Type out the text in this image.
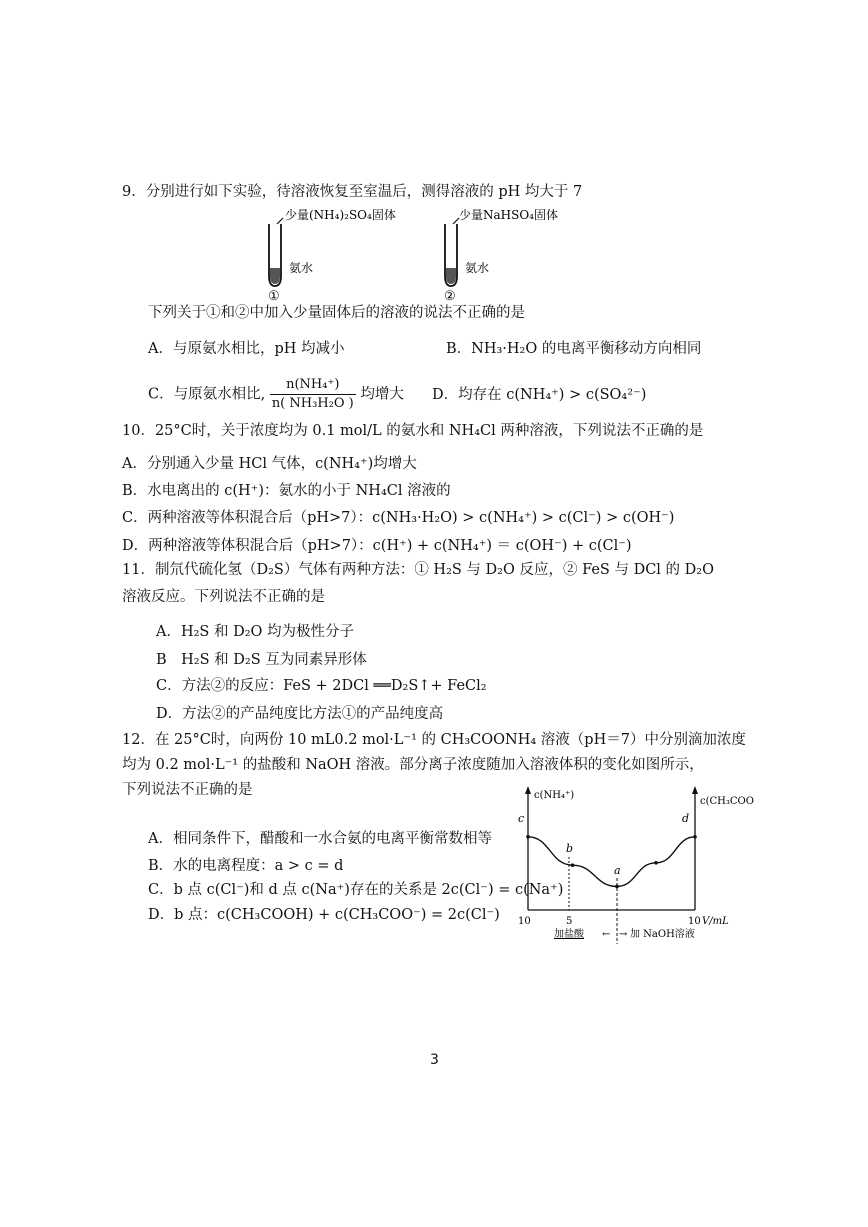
9．分别进行如下实验，待溶液恢复至室温后，测得溶液的 pH 均大于 7
少量(NH₄)₂SO₄固体
氨水
①
少量NaHSO₄固体
氨水
②
下列关于①和②中加入少量固体后的溶液的说法不正确的是
A．与原氨水相比，pH 均减小	B．NH₃·H₂O 的电离平衡移动方向相同
C．与原氨水相比, $\frac{\text{n(NH₄⁺)}}{\text{n( NH₃H₂O )}}$ 均增大 D．均存在 c(NH₄⁺) > c(SO₄²⁻)
10．25°C时，关于浓度均为 0.1 mol/L 的氨水和 NH₄Cl 两种溶液，下列说法不正确的是
A．分别通入少量 HCl 气体，c(NH₄⁺)均增大
B．水电离出的 c(H⁺)：氨水的小于 NH₄Cl 溶液的
C．两种溶液等体积混合后（pH>7）：c(NH₃·H₂O) > c(NH₄⁺) > c(Cl⁻) > c(OH⁻)
D．两种溶液等体积混合后（pH>7）：c(H⁺) + c(NH₄⁺) ＝ c(OH⁻) + c(Cl⁻)
11．制氘代硫化氢（D₂S）气体有两种方法：① H₂S 与 D₂O 反应，② FeS 与 DCl 的 D₂O
溶液反应。下列说法不正确的是
A．H₂S 和 D₂O 均为极性分子
B　H₂S 和 D₂S 互为同素异形体
C．方法②的反应：FeS + 2DCl ══D₂S↑+ FeCl₂
D．方法②的产品纯度比方法①的产品纯度高
12．在 25°C时，向两份 10 mL0.2 mol·L⁻¹ 的 CH₃COONH₄ 溶液（pH＝7）中分别滴加浓度
均为 0.2 mol·L⁻¹ 的盐酸和 NaOH 溶液。部分离子浓度随加入溶液体积的变化如图所示，
下列说法不正确的是
A．相同条件下，醋酸和一水合氨的电离平衡常数相等
B．水的电离程度：a > c = d
C．b 点 c(Cl⁻)和 d 点 c(Na⁺)存在的关系是 2c(Cl⁻) = c(Na⁺)
D．b 点：c(CH₃COOH) + c(CH₃COO⁻) = 2c(Cl⁻)
c(NH₄⁺)
c(CH₃COO
10	5	10 V/mL
c
b
a
d
加盐酸 ← → 加 NaOH溶液
3
